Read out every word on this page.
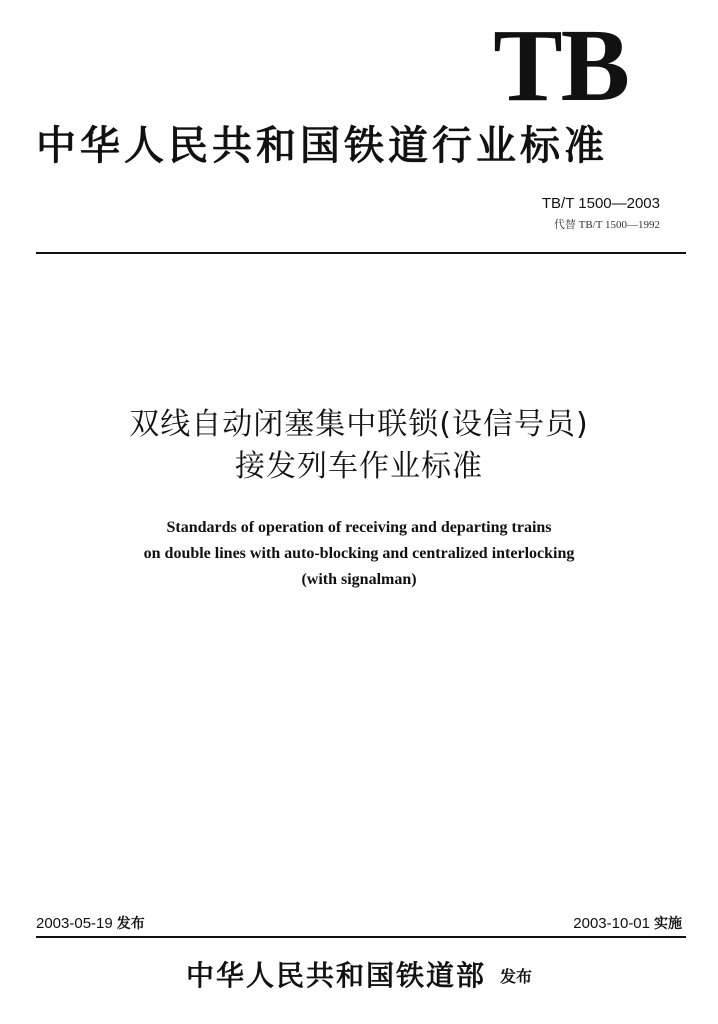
TB
中华人民共和国铁道行业标准
TB/T 1500—2003
代替 TB/T 1500—1992
双线自动闭塞集中联锁(设信号员)
接发列车作业标准
Standards of operation of receiving and departing trains
on double lines with auto-blocking and centralized interlocking
(with signalman)
2003-05-19 发布	2003-10-01 实施
中华人民共和国铁道部 发布
